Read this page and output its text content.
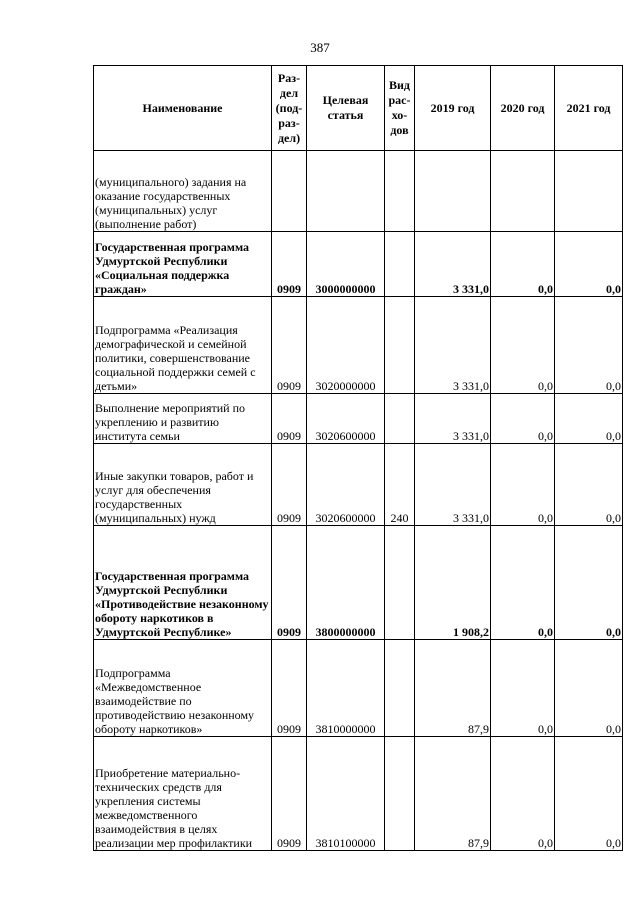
387
Наименование	Раз-
дел
(под-
раз-
дел)	Целевая
статья	Вид
рас-
хо-
дов	2019 год	2020 год	2021 год
(муниципального) задания на оказание государственных (муниципальных) услуг (выполнение работ)						
Государственная программа Удмуртской Республики «Социальная поддержка граждан»	0909	3000000000		3 331,0	0,0	0,0
Подпрограмма «Реализация демографической и семейной политики, совершенствование социальной поддержки семей с детьми»	0909	3020000000		3 331,0	0,0	0,0
Выполнение мероприятий по укреплению и развитию института семьи	0909	3020600000		3 331,0	0,0	0,0
Иные закупки товаров, работ и услуг для обеспечения государственных (муниципальных) нужд	0909	3020600000	240	3 331,0	0,0	0,0
Государственная программа Удмуртской Республики «Противодействие незаконному обороту наркотиков в Удмуртской Республике»	0909	3800000000		1 908,2	0,0	0,0
Подпрограмма «Межведомственное взаимодействие по противодействию незаконному обороту наркотиков»	0909	3810000000		87,9	0,0	0,0
Приобретение материально-технических средств для укрепления системы межведомственного взаимодействия в целях реализации мер профилактики	0909	3810100000		87,9	0,0	0,0
